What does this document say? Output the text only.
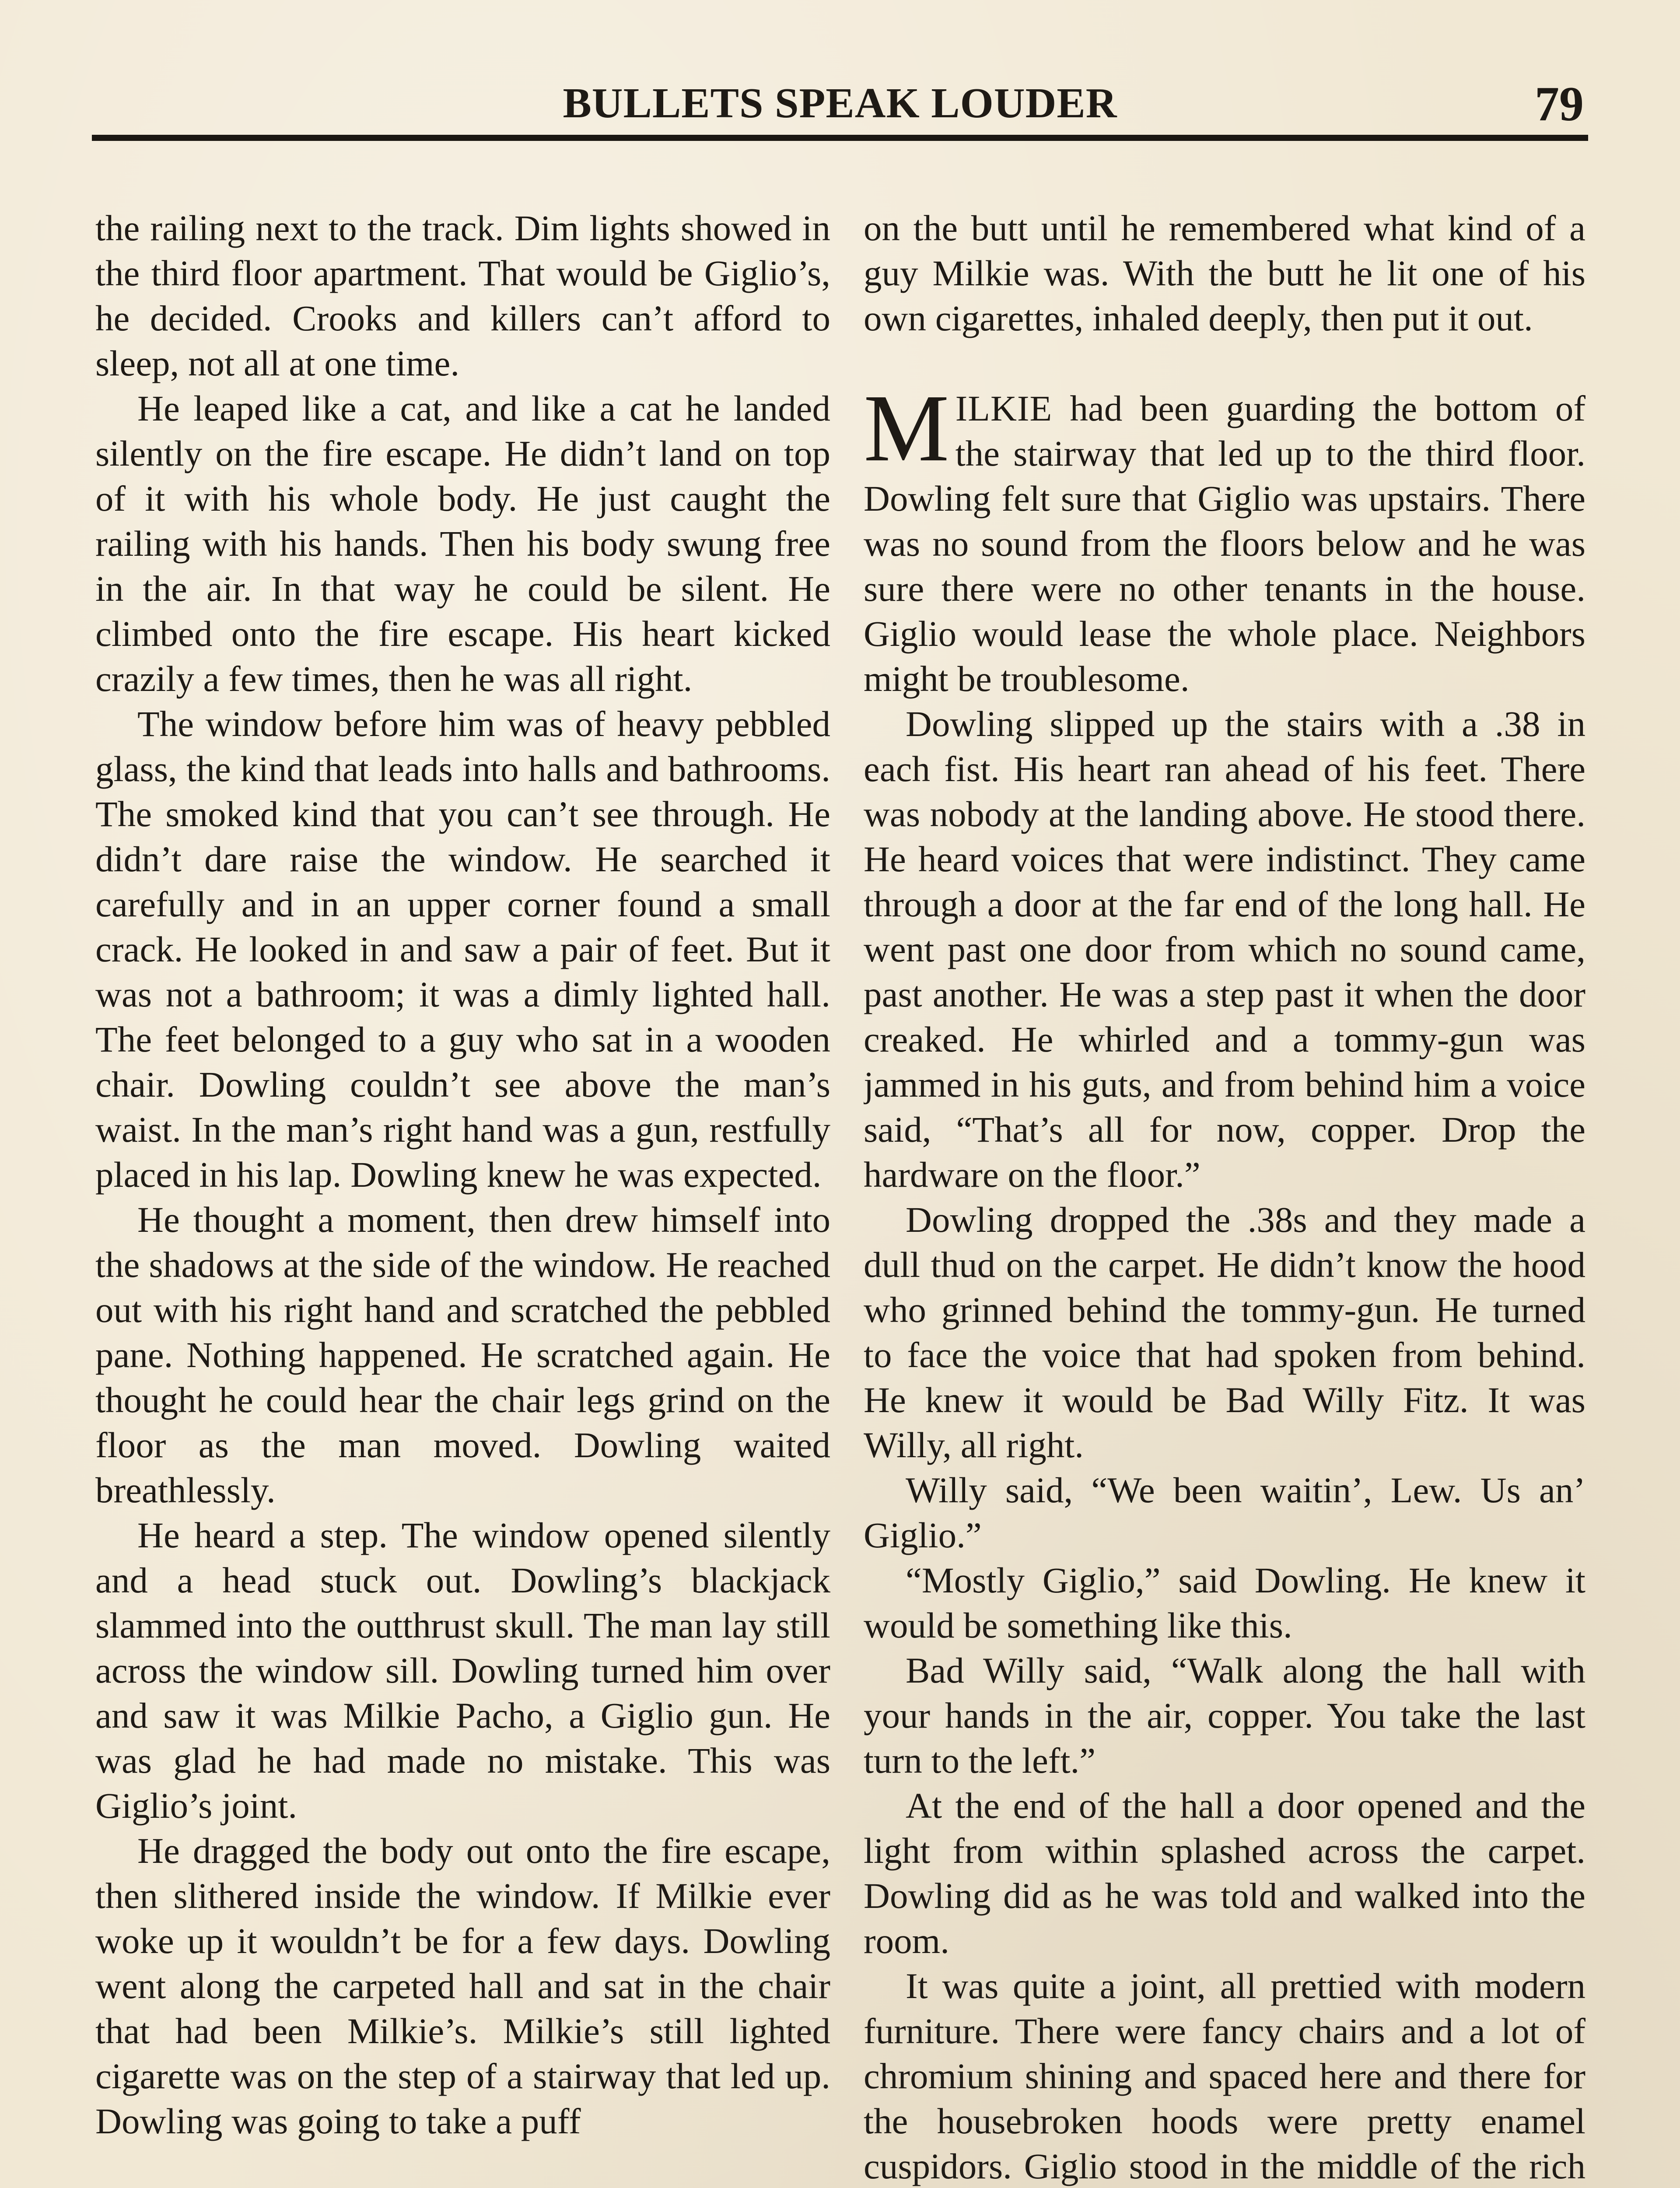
BULLETS SPEAK LOUDER	79

the railing next to the track. Dim lights showed in the third floor apartment. That would be Giglio’s, he decided. Crooks and killers can’t afford to sleep, not all at one time.

He leaped like a cat, and like a cat he landed silently on the fire escape. He didn’t land on top of it with his whole body. He just caught the railing with his hands. Then his body swung free in the air. In that way he could be silent. He climbed onto the fire escape. His heart kicked crazily a few times, then he was all right.

The window before him was of heavy pebbled glass, the kind that leads into halls and bathrooms. The smoked kind that you can’t see through. He didn’t dare raise the window. He searched it carefully and in an upper corner found a small crack. He looked in and saw a pair of feet. But it was not a bathroom; it was a dimly lighted hall. The feet belonged to a guy who sat in a wooden chair. Dowling couldn’t see above the man’s waist. In the man’s right hand was a gun, restfully placed in his lap. Dowling knew he was expected.

He thought a moment, then drew himself into the shadows at the side of the window. He reached out with his right hand and scratched the pebbled pane. Nothing happened. He scratched again. He thought he could hear the chair legs grind on the floor as the man moved. Dowling waited breathlessly.

He heard a step. The window opened silently and a head stuck out. Dowling’s blackjack slammed into the outthrust skull. The man lay still across the window sill. Dowling turned him over and saw it was Milkie Pacho, a Giglio gun. He was glad he had made no mistake. This was Giglio’s joint.

He dragged the body out onto the fire escape, then slithered inside the window. If Milkie ever woke up it wouldn’t be for a few days. Dowling went along the carpeted hall and sat in the chair that had been Milkie’s. Milkie’s still lighted cigarette was on the step of a stairway that led up. Dowling was going to take a puff

on the butt until he remembered what kind of a guy Milkie was. With the butt he lit one of his own cigarettes, inhaled deeply, then put it out.

MILKIE had been guarding the bottom of the stairway that led up to the third floor. Dowling felt sure that Giglio was upstairs. There was no sound from the floors below and he was sure there were no other tenants in the house. Giglio would lease the whole place. Neighbors might be troublesome.

Dowling slipped up the stairs with a .38 in each fist. His heart ran ahead of his feet. There was nobody at the landing above. He stood there. He heard voices that were indistinct. They came through a door at the far end of the long hall. He went past one door from which no sound came, past another. He was a step past it when the door creaked. He whirled and a tommy-gun was jammed in his guts, and from behind him a voice said, “That’s all for now, copper. Drop the hardware on the floor.”

Dowling dropped the .38s and they made a dull thud on the carpet. He didn’t know the hood who grinned behind the tommy-gun. He turned to face the voice that had spoken from behind. He knew it would be Bad Willy Fitz. It was Willy, all right.

Willy said, “We been waitin’, Lew. Us an’ Giglio.”

“Mostly Giglio,” said Dowling. He knew it would be something like this.

Bad Willy said, “Walk along the hall with your hands in the air, copper. You take the last turn to the left.”

At the end of the hall a door opened and the light from within splashed across the carpet. Dowling did as he was told and walked into the room.

It was quite a joint, all prettied with modern furniture. There were fancy chairs and a lot of chromium shining and spaced here and there for the housebroken hoods were pretty enamel cuspidors. Giglio stood in the middle of the rich
